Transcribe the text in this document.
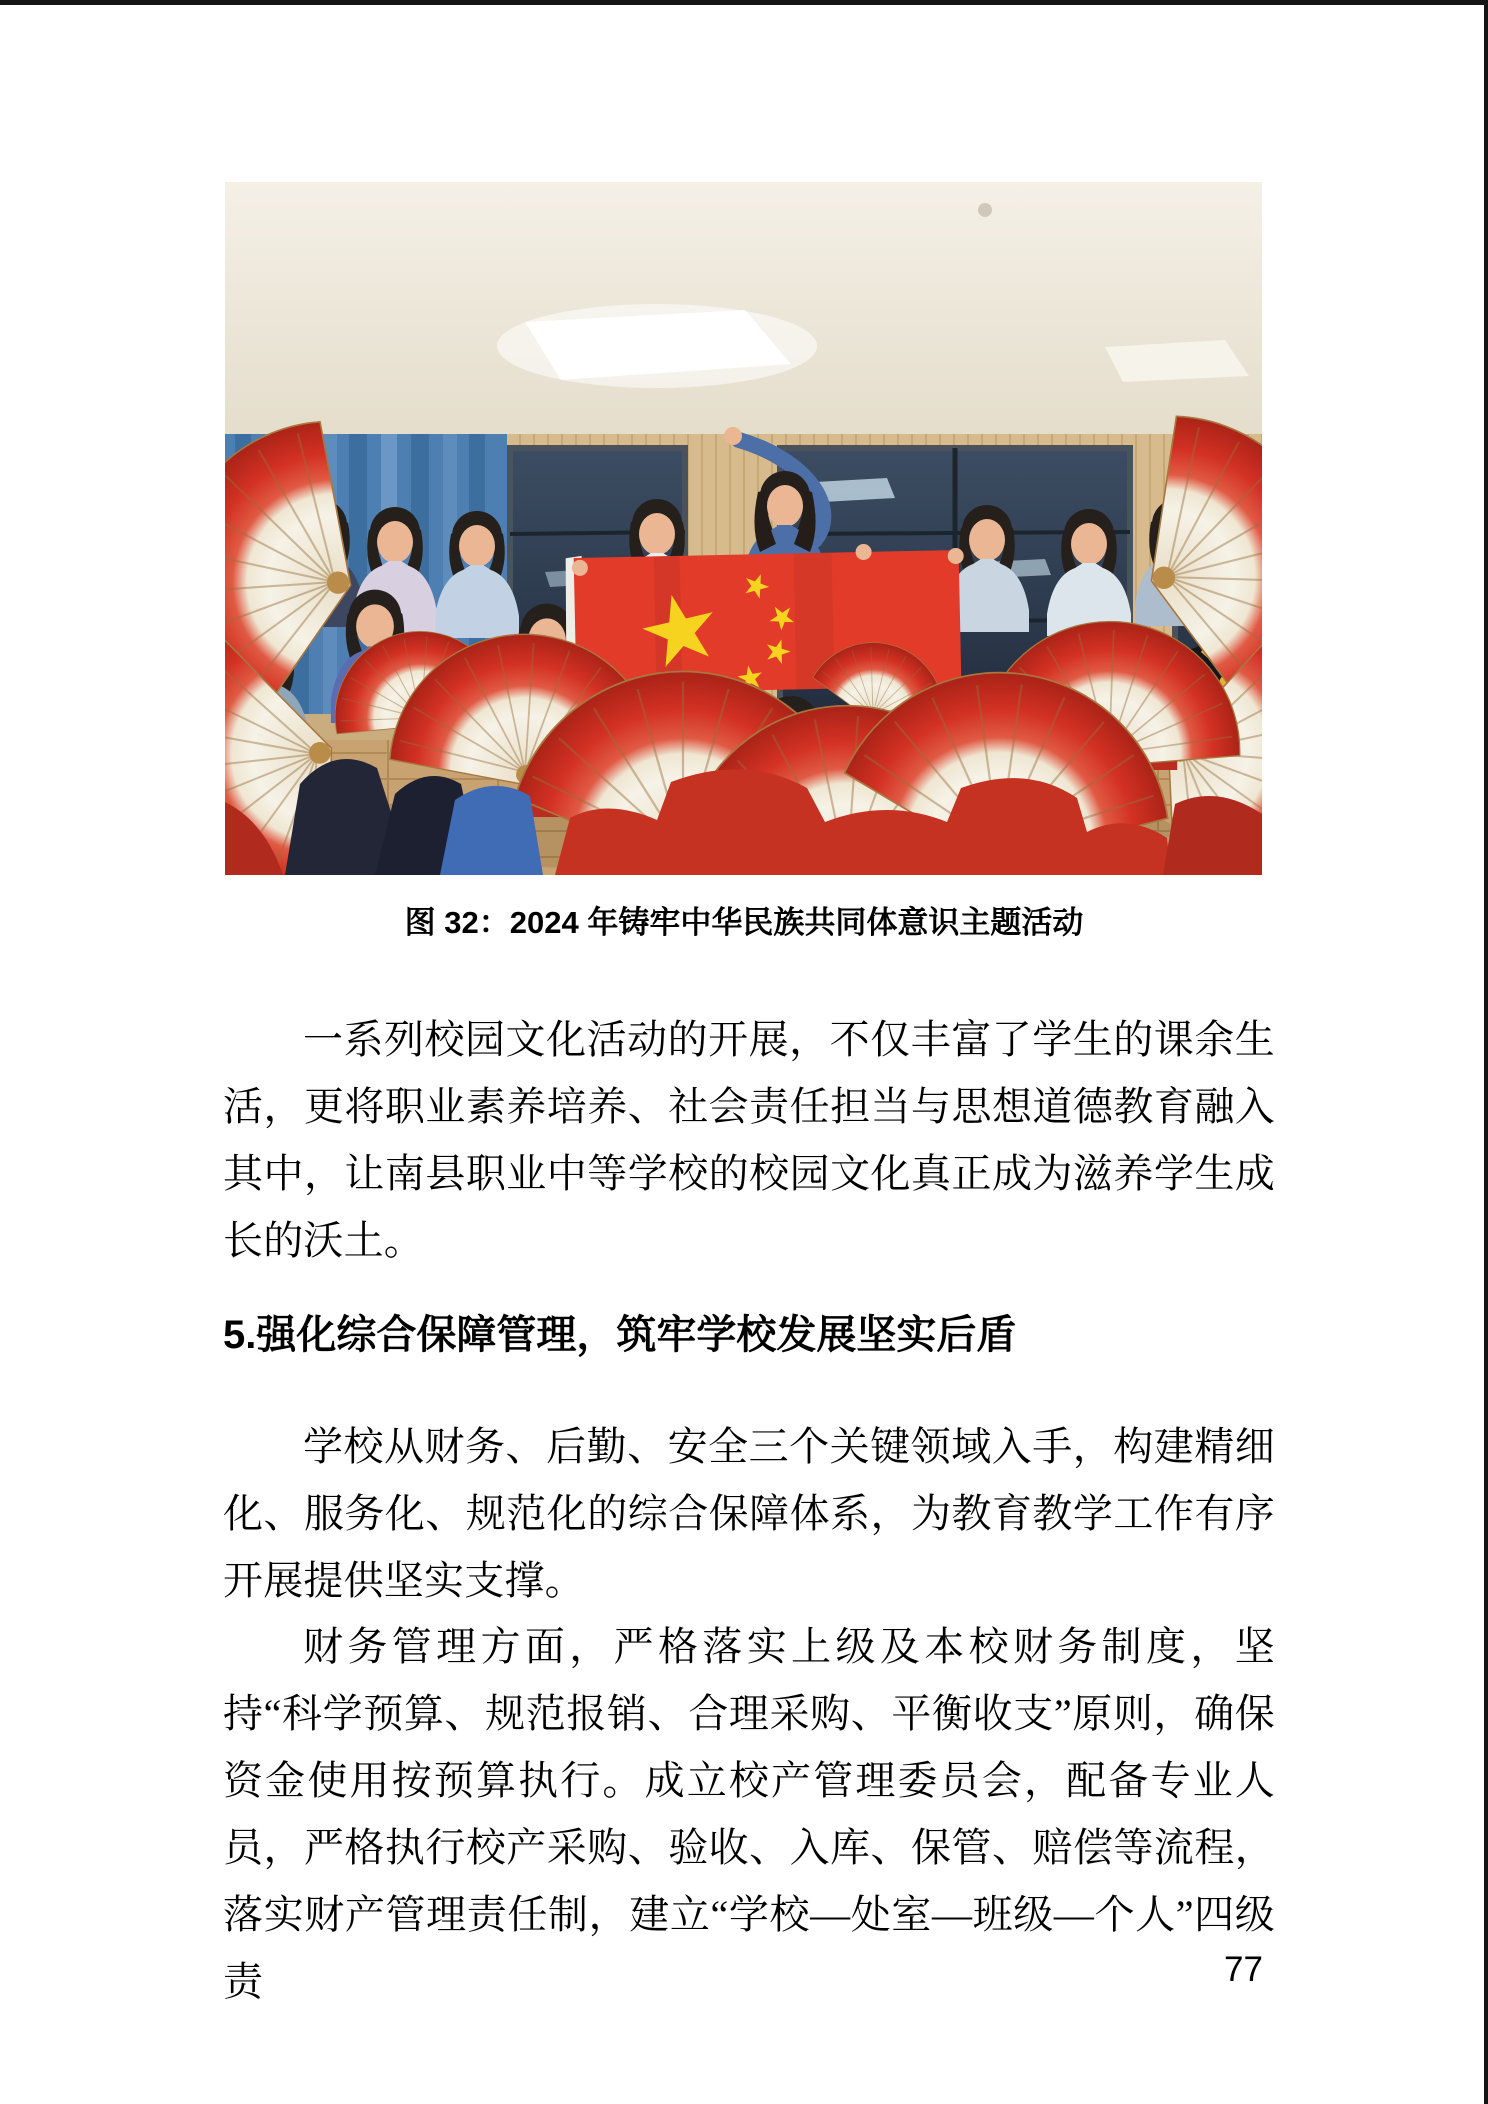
图 32：2024 年铸牢中华民族共同体意识主题活动

一系列校园文化活动的开展，不仅丰富了学生的课余生活，更将职业素养培养、社会责任担当与思想道德教育融入其中，让南县职业中等学校的校园文化真正成为滋养学生成长的沃土。

5.强化综合保障管理，筑牢学校发展坚实后盾

学校从财务、后勤、安全三个关键领域入手，构建精细化、服务化、规范化的综合保障体系，为教育教学工作有序开展提供坚实支撑。

财务管理方面，严格落实上级及本校财务制度，坚持“科学预算、规范报销、合理采购、平衡收支”原则，确保资金使用按预算执行。成立校产管理委员会，配备专业人员，严格执行校产采购、验收、入库、保管、赔偿等流程，落实财产管理责任制，建立“学校—处室—班级—个人”四级责	77
